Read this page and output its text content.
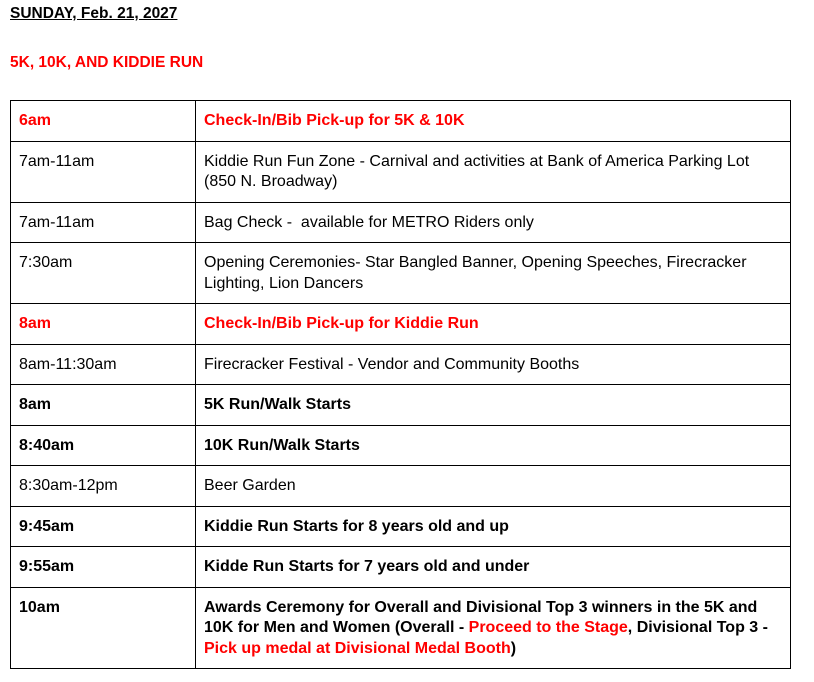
SUNDAY, Feb. 21, 2027
5K, 10K, AND KIDDIE RUN
6am	Check-In/Bib Pick-up for 5K & 10K
7am-11am	Kiddie Run Fun Zone - Carnival and activities at Bank of America Parking Lot (850 N. Broadway)
7am-11am	Bag Check -  available for METRO Riders only
7:30am	Opening Ceremonies- Star Bangled Banner, Opening Speeches, Firecracker Lighting, Lion Dancers
8am	Check-In/Bib Pick-up for Kiddie Run
8am-11:30am	Firecracker Festival - Vendor and Community Booths
8am	5K Run/Walk Starts
8:40am	10K Run/Walk Starts
8:30am-12pm	Beer Garden
9:45am	Kiddie Run Starts for 8 years old and up
9:55am	Kidde Run Starts for 7 years old and under
10am	Awards Ceremony for Overall and Divisional Top 3 winners in the 5K and 10K for Men and Women (Overall - Proceed to the Stage, Divisional Top 3 - Pick up medal at Divisional Medal Booth)
